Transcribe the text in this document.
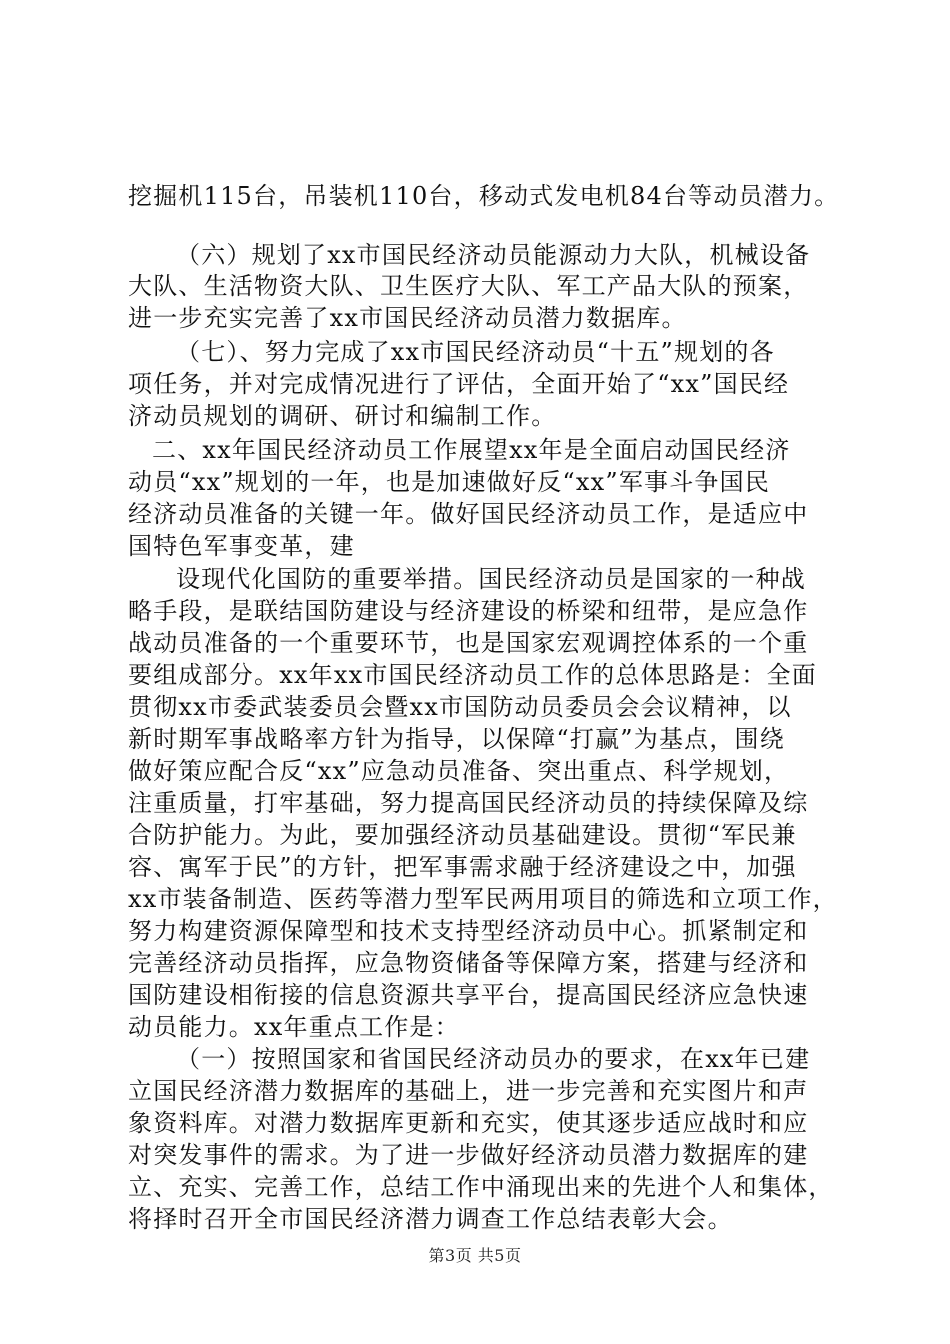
挖掘机115台，吊装机110台，移动式发电机84台等动员潜力。
（六）规划了xx市国民经济动员能源动力大队，机械设备
大队、生活物资大队、卫生医疗大队、军工产品大队的预案，
进一步充实完善了xx市国民经济动员潜力数据库。
（七）、努力完成了xx市国民经济动员“十五”规划的各
项任务，并对完成情况进行了评估，全面开始了“xx”国民经
济动员规划的调研、研讨和编制工作。
二、xx年国民经济动员工作展望xx年是全面启动国民经济
动员“xx”规划的一年，也是加速做好反“xx”军事斗争国民
经济动员准备的关键一年。做好国民经济动员工作，是适应中
国特色军事变革，建
设现代化国防的重要举措。国民经济动员是国家的一种战
略手段，是联结国防建设与经济建设的桥梁和纽带，是应急作
战动员准备的一个重要环节，也是国家宏观调控体系的一个重
要组成部分。xx年xx市国民经济动员工作的总体思路是：全面
贯彻xx市委武装委员会暨xx市国防动员委员会会议精神，以
新时期军事战略率方针为指导，以保障“打赢”为基点，围绕
做好策应配合反“xx”应急动员准备、突出重点、科学规划，
注重质量，打牢基础，努力提高国民经济动员的持续保障及综
合防护能力。为此，要加强经济动员基础建设。贯彻“军民兼
容、寓军于民”的方针，把军事需求融于经济建设之中，加强
xx市装备制造、医药等潜力型军民两用项目的筛选和立项工作，
努力构建资源保障型和技术支持型经济动员中心。抓紧制定和
完善经济动员指挥，应急物资储备等保障方案，搭建与经济和
国防建设相衔接的信息资源共享平台，提高国民经济应急快速
动员能力。xx年重点工作是：
（一）按照国家和省国民经济动员办的要求，在xx年已建
立国民经济潜力数据库的基础上，进一步完善和充实图片和声
象资料库。对潜力数据库更新和充实，使其逐步适应战时和应
对突发事件的需求。为了进一步做好经济动员潜力数据库的建
立、充实、完善工作，总结工作中涌现出来的先进个人和集体，
将择时召开全市国民经济潜力调查工作总结表彰大会。
第3页 共5页
